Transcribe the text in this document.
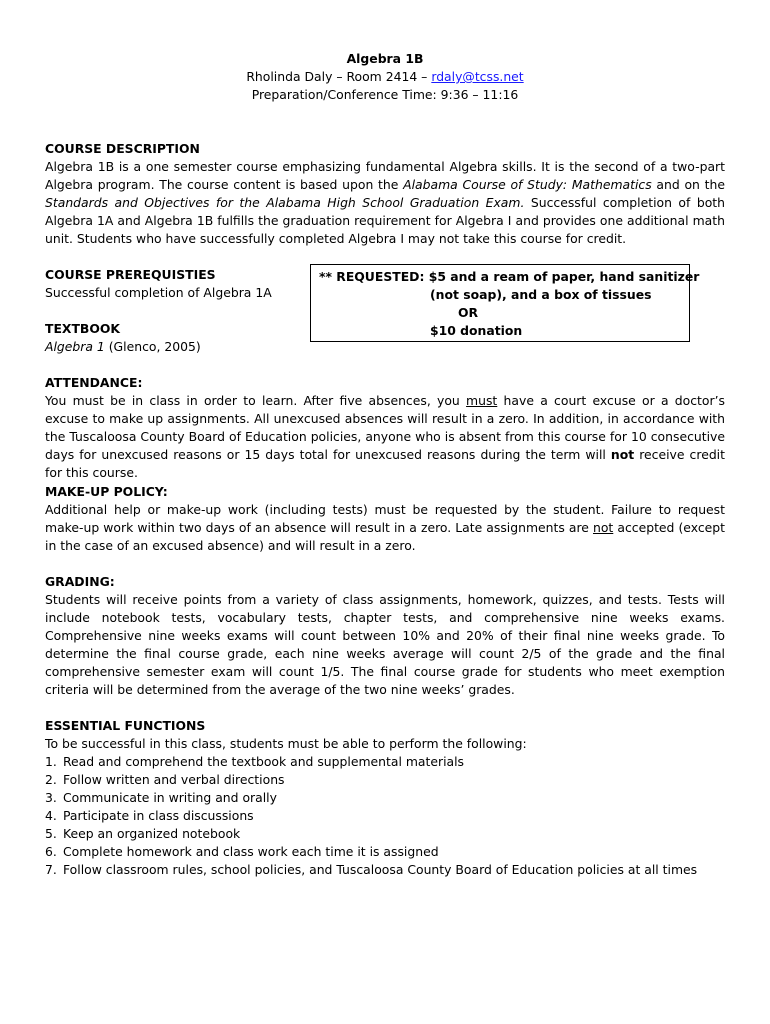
Algebra 1B
Rholinda Daly – Room 2414 – rdaly@tcss.net
Preparation/Conference Time: 9:36 – 11:16
COURSE DESCRIPTION
Algebra 1B is a one semester course emphasizing fundamental Algebra skills. It is the second of a two-part Algebra program. The course content is based upon the Alabama Course of Study: Mathematics and on the Standards and Objectives for the Alabama High School Graduation Exam. Successful completion of both Algebra 1A and Algebra 1B fulfills the graduation requirement for Algebra I and provides one additional math unit. Students who have successfully completed Algebra I may not take this course for credit.
COURSE PREREQUISTIES
Successful completion of Algebra 1A
TEXTBOOK
Algebra 1 (Glenco, 2005)
** REQUESTED: $5 and a ream of paper, hand sanitizer
(not soap), and a box of tissues
OR
$10 donation
ATTENDANCE:
You must be in class in order to learn. After five absences, you must have a court excuse or a doctor’s excuse to make up assignments. All unexcused absences will result in a zero. In addition, in accordance with the Tuscaloosa County Board of Education policies, anyone who is absent from this course for 10 consecutive days for unexcused reasons or 15 days total for unexcused reasons during the term will not receive credit for this course.
MAKE-UP POLICY:
Additional help or make-up work (including tests) must be requested by the student. Failure to request make-up work within two days of an absence will result in a zero. Late assignments are not accepted (except in the case of an excused absence) and will result in a zero.
GRADING:
Students will receive points from a variety of class assignments, homework, quizzes, and tests. Tests will include notebook tests, vocabulary tests, chapter tests, and comprehensive nine weeks exams. Comprehensive nine weeks exams will count between 10% and 20% of their final nine weeks grade. To determine the final course grade, each nine weeks average will count 2/5 of the grade and the final comprehensive semester exam will count 1/5. The final course grade for students who meet exemption criteria will be determined from the average of the two nine weeks’ grades.
ESSENTIAL FUNCTIONS
To be successful in this class, students must be able to perform the following:
1. Read and comprehend the textbook and supplemental materials
2. Follow written and verbal directions
3. Communicate in writing and orally
4. Participate in class discussions
5. Keep an organized notebook
6. Complete homework and class work each time it is assigned
7. Follow classroom rules, school policies, and Tuscaloosa County Board of Education policies at all times
